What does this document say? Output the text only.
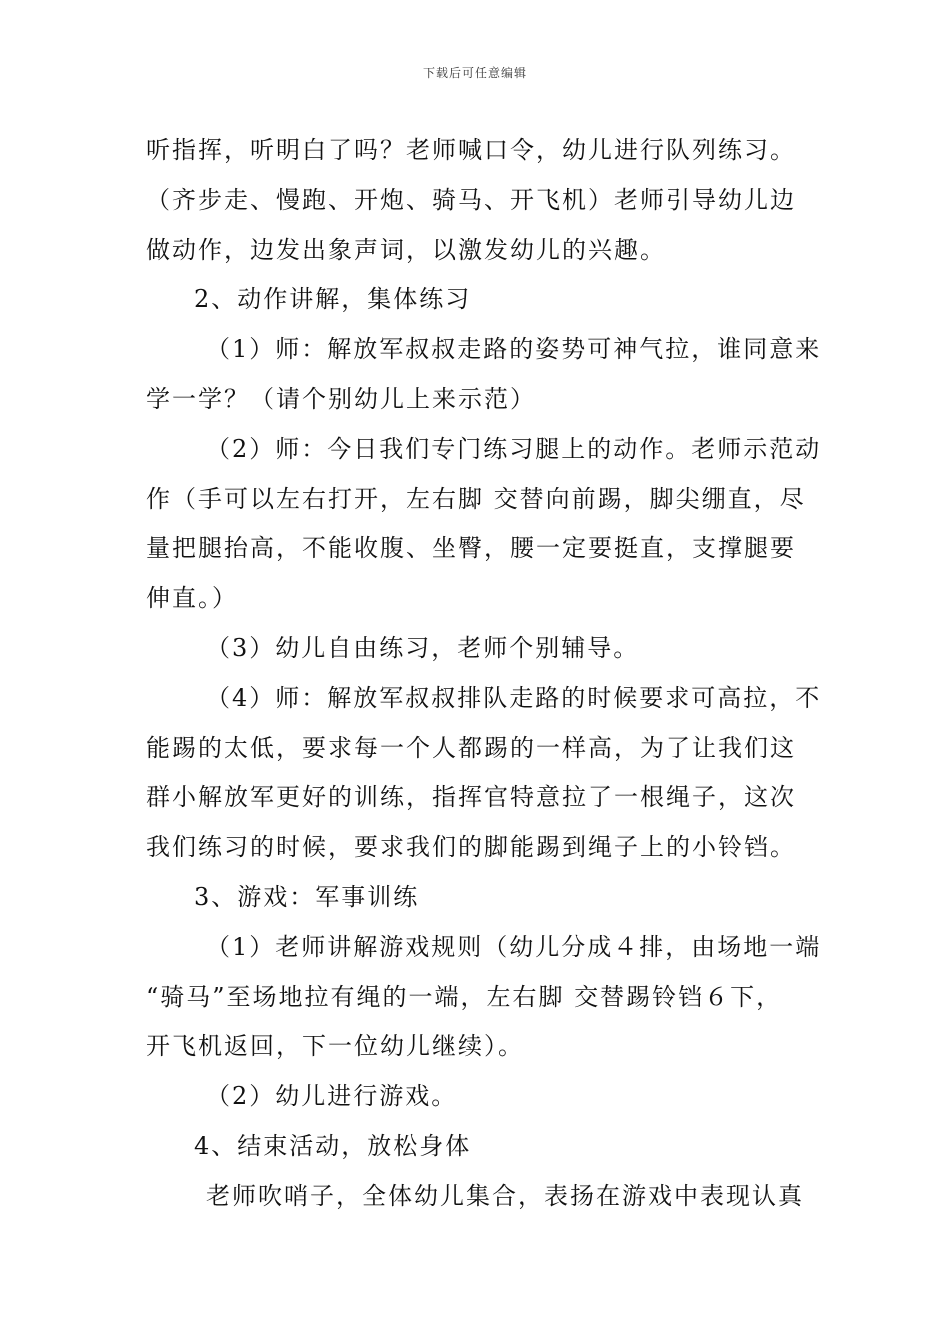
下载后可任意编辑
听指挥，听明白了吗？老师喊口令，幼儿进行队列练习。
（齐步走、慢跑、开炮、骑马、开飞机）老师引导幼儿边
做动作，边发出象声词，以激发幼儿的兴趣。
2、动作讲解，集体练习
（1）师：解放军叔叔走路的姿势可神气拉，谁同意来
学一学？（请个别幼儿上来示范）
（2）师：今日我们专门练习腿上的动作。老师示范动
作（手可以左右打开，左右脚 交替向前踢，脚尖绷直，尽
量把腿抬高，不能收腹、坐臀，腰一定要挺直，支撑腿要
伸直。）
（3）幼儿自由练习，老师个别辅导。
（4）师：解放军叔叔排队走路的时候要求可高拉，不
能踢的太低，要求每一个人都踢的一样高，为了让我们这
群小解放军更好的训练，指挥官特意拉了一根绳子，这次
我们练习的时候，要求我们的脚能踢到绳子上的小铃铛。
3、游戏：军事训练
（1）老师讲解游戏规则（幼儿分成４排，由场地一端
“骑马”至场地拉有绳的一端，左右脚 交替踢铃铛６下，
开飞机返回，下一位幼儿继续）。
（2）幼儿进行游戏。
4、结束活动，放松身体
老师吹哨子，全体幼儿集合，表扬在游戏中表现认真
